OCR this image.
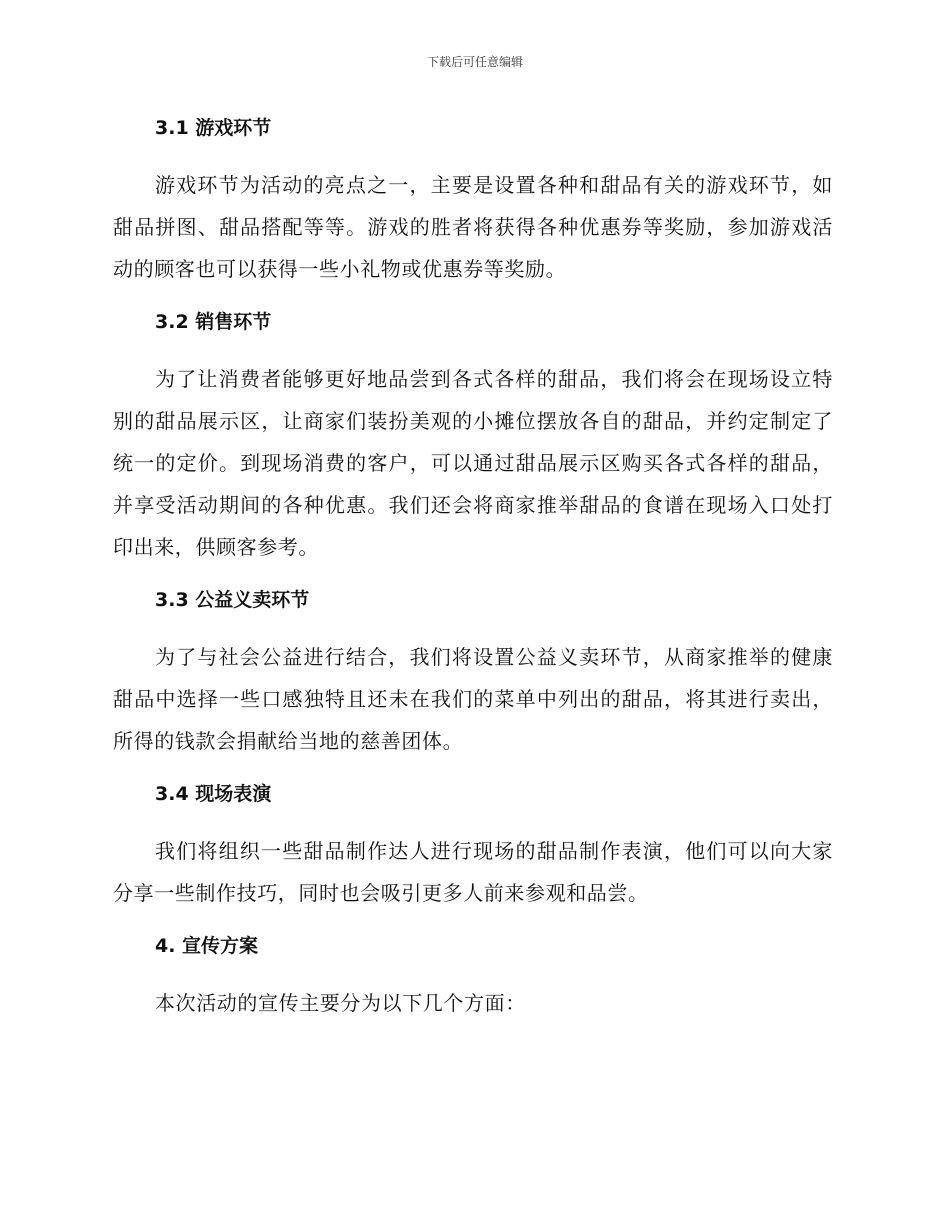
下载后可任意编辑
3.1 游戏环节

游戏环节为活动的亮点之一，主要是设置各种和甜品有关的游戏环节，如甜品拼图、甜品搭配等等。游戏的胜者将获得各种优惠券等奖励，参加游戏活动的顾客也可以获得一些小礼物或优惠券等奖励。

3.2 销售环节

为了让消费者能够更好地品尝到各式各样的甜品，我们将会在现场设立特别的甜品展示区，让商家们装扮美观的小摊位摆放各自的甜品，并约定制定了统一的定价。到现场消费的客户，可以通过甜品展示区购买各式各样的甜品，并享受活动期间的各种优惠。我们还会将商家推举甜品的食谱在现场入口处打印出来，供顾客参考。

3.3 公益义卖环节

为了与社会公益进行结合，我们将设置公益义卖环节，从商家推举的健康甜品中选择一些口感独特且还未在我们的菜单中列出的甜品，将其进行卖出，所得的钱款会捐献给当地的慈善团体。

3.4 现场表演

我们将组织一些甜品制作达人进行现场的甜品制作表演，他们可以向大家分享一些制作技巧，同时也会吸引更多人前来参观和品尝。

4. 宣传方案

本次活动的宣传主要分为以下几个方面：
